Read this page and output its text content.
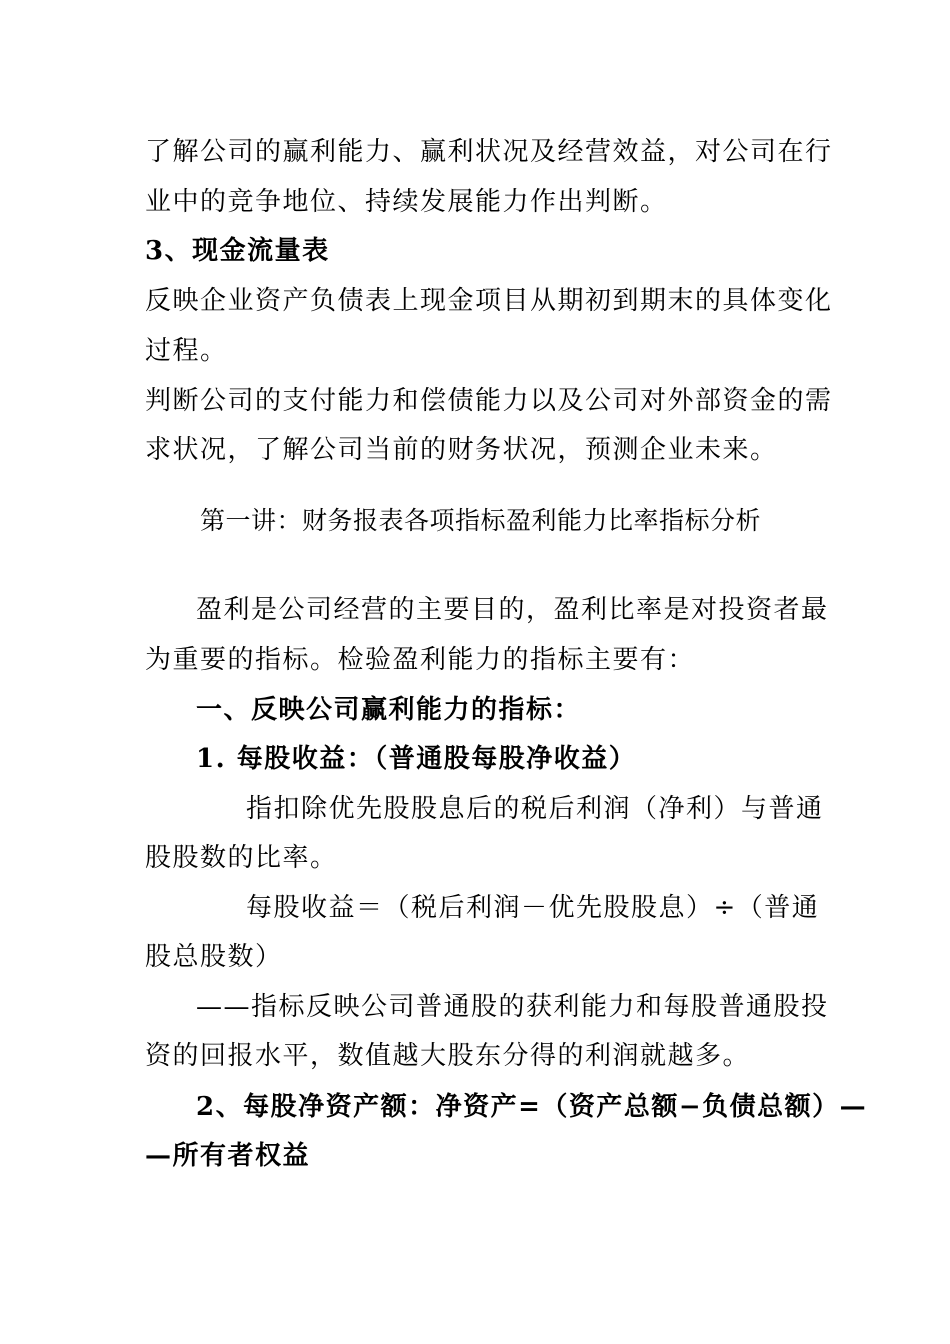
了解公司的赢利能力、赢利状况及经营效益，对公司在行
业中的竞争地位、持续发展能力作出判断。
3、现金流量表
反映企业资产负债表上现金项目从期初到期末的具体变化
过程。
判断公司的支付能力和偿债能力以及公司对外部资金的需
求状况，了解公司当前的财务状况，预测企业未来。
第一讲：财务报表各项指标盈利能力比率指标分析
盈利是公司经营的主要目的，盈利比率是对投资者最
为重要的指标。检验盈利能力的指标主要有：
一、反映公司赢利能力的指标：
1. 每股收益：（普通股每股净收益）
指扣除优先股股息后的税后利润（净利）与普通
股股数的比率。
每股收益＝（税后利润－优先股股息）÷（普通
股总股数）
——指标反映公司普通股的获利能力和每股普通股投
资的回报水平，数值越大股东分得的利润就越多。
2、每股净资产额：净资产=（资产总额−负债总额）—
—所有者权益
